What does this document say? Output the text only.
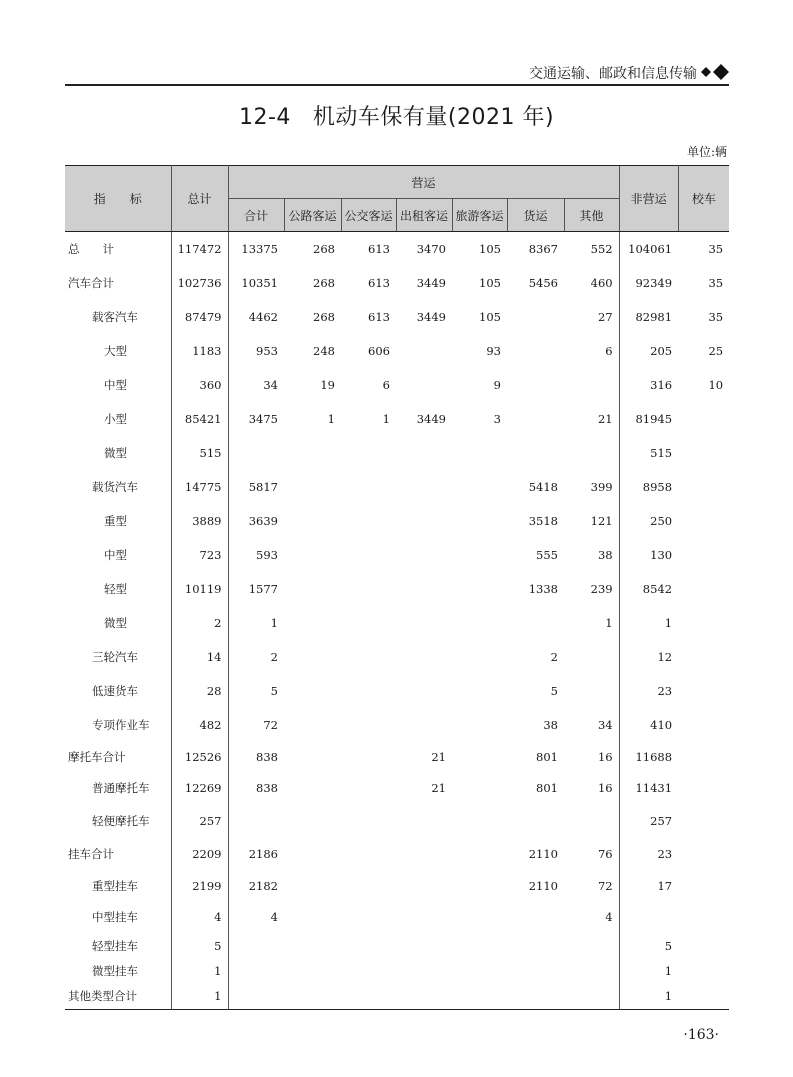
交通运输、邮政和信息传输
12-4 机动车保有量(2021 年)
单位:辆
指　　标	总计	营运							非营运	校车
		合计	公路客运	公交客运	出租客运	旅游客运	货运	其他		
总　　计	117472	13375	268	613	3470	105	8367	552	104061	35
汽车合计	102736	10351	268	613	3449	105	5456	460	92349	35
载客汽车	87479	4462	268	613	3449	105		27	82981	35
大型	1183	953	248	606		93		6	205	25
中型	360	34	19	6		9			316	10
小型	85421	3475	1	1	3449	3		21	81945	
微型	515								515	
载货汽车	14775	5817					5418	399	8958	
重型	3889	3639					3518	121	250	
中型	723	593					555	38	130	
轻型	10119	1577					1338	239	8542	
微型	2	1						1	1	
三轮汽车	14	2					2		12	
低速货车	28	5					5		23	
专项作业车	482	72					38	34	410	
摩托车合计	12526	838			21		801	16	11688	
普通摩托车	12269	838			21		801	16	11431	
轻便摩托车	257								257	
挂车合计	2209	2186					2110	76	23	
重型挂车	2199	2182					2110	72	17	
中型挂车	4	4						4		
轻型挂车	5								5	
微型挂车	1								1	
其他类型合计	1								1	
·163·
